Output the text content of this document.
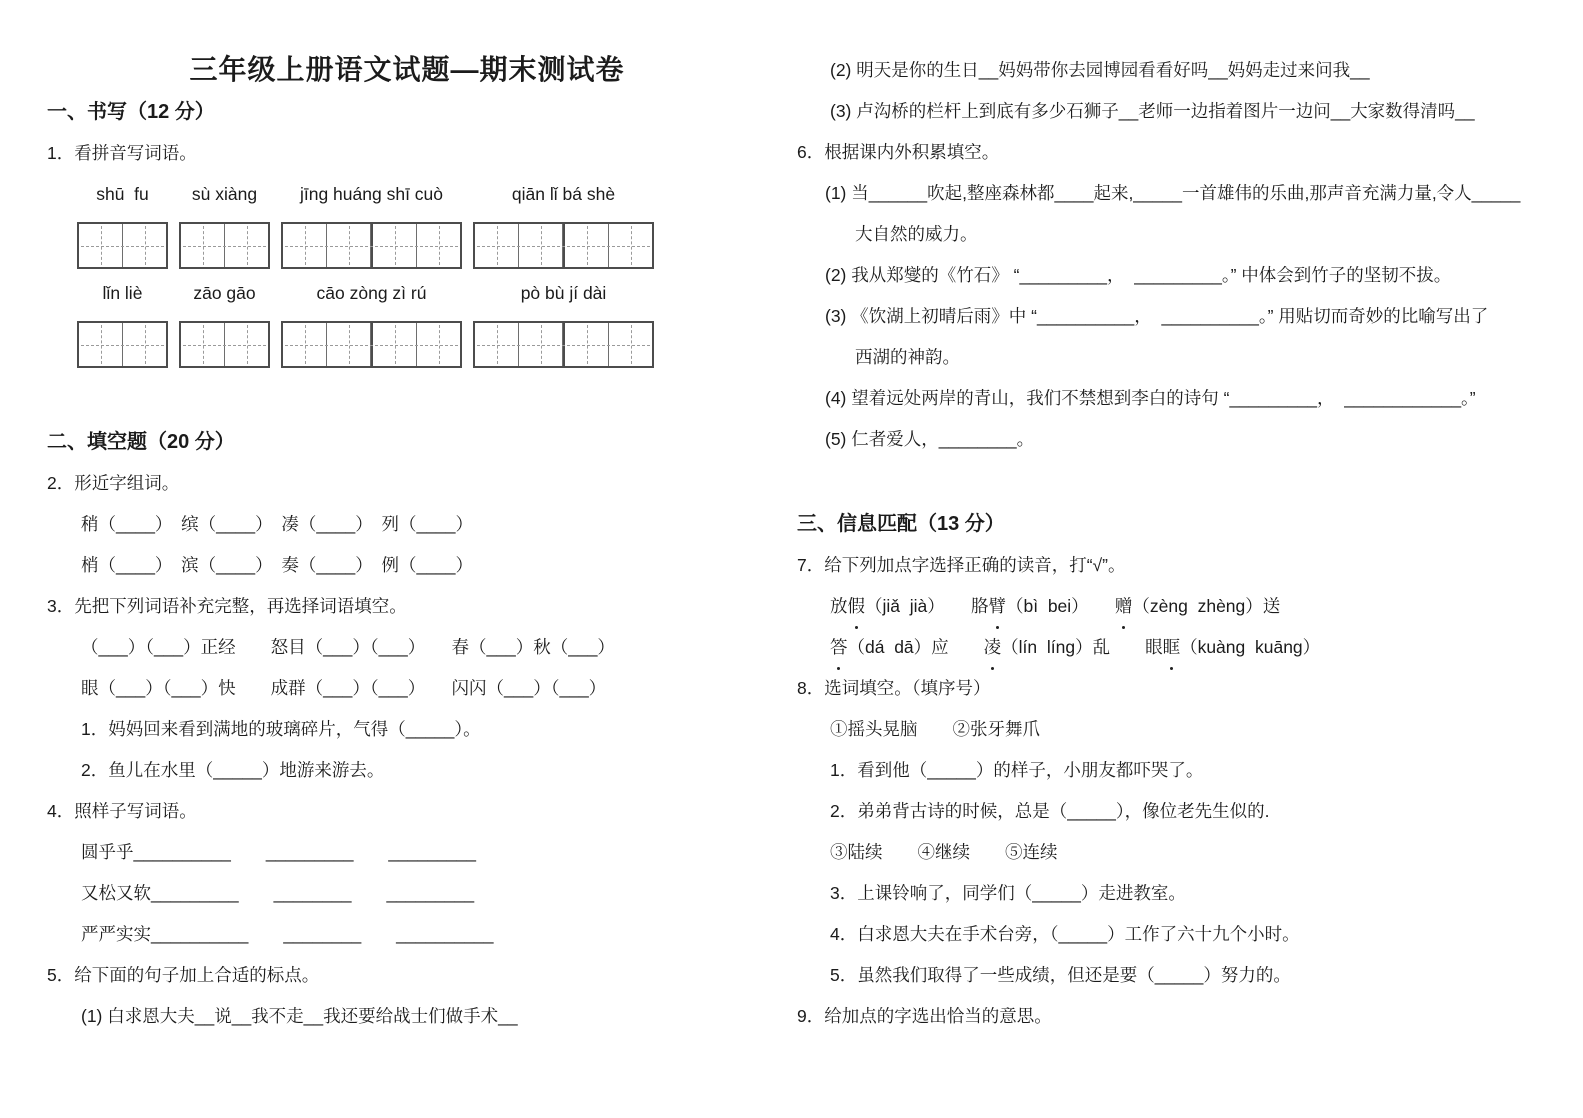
三年级上册语文试题—期末测试卷
一、书写（12 分）
1．看拼音写词语。
shū  fu	sù xiàng	jīng huáng shī cuò	qiān lǐ bá shè
lǐn liè	zāo gāo	cāo zòng zì rú	pò bù jí dài
二、填空题（20 分）
2．形近字组词。
稍（____）　缤（____）　凑（____）　列（____）
梢（____）　滨（____）　奏（____）　例（____）
3．先把下列词语补充完整，再选择词语填空。
（___）（___）正经　　怒目（___）（___）　　春（___）秋（___）
眼（___）（___）快　　成群（___）（___）　　闪闪（___）（___）
1．妈妈回来看到满地的玻璃碎片，气得（_____）。
2．鱼儿在水里（_____）地游来游去。
4．照样子写词语。
圆乎乎__________　　_________　　_________
又松又软_________　　________　　_________
严严实实__________　　________　　__________
5．给下面的句子加上合适的标点。
(1) 白求恩大夫__说__我不走__我还要给战士们做手术__
(2) 明天是你的生日__妈妈带你去园博园看看好吗__妈妈走过来问我__
(3) 卢沟桥的栏杆上到底有多少石狮子__老师一边指着图片一边问__大家数得清吗__
6．根据课内外积累填空。
(1) 当______吹起,整座森林都____起来,_____一首雄伟的乐曲,那声音充满力量,令人_____
大自然的威力。
(2) 我从郑燮的《竹石》 “_________，  _________。” 中体会到竹子的坚韧不拔。
(3) 《饮湖上初晴后雨》中 “__________，  __________。” 用贴切而奇妙的比喻写出了
西湖的神韵。
(4) 望着远处两岸的青山，我们不禁想到李白的诗句 “_________，  ____________。”
(5) 仁者爱人，________。
三、信息匹配（13 分）
7．给下列加点字选择正确的读音，打“√”。
放假（jiǎ  jià）　　胳臂（bì  bei）　　赠（zèng  zhèng）送
答（dá  dā）应　　凌（lín  líng）乱　　眼眶（kuàng  kuāng）
8．选词填空。（填序号）
①摇头晃脑　　②张牙舞爪
1．看到他（_____）的样子，小朋友都吓哭了。
2．弟弟背古诗的时候，总是（_____），像位老先生似的.
③陆续　　④继续　　⑤连续
3．上课铃响了，同学们（_____）走进教室。
4．白求恩大夫在手术台旁，（_____）工作了六十九个小时。
5．虽然我们取得了一些成绩，但还是要（_____）努力的。
9．给加点的字选出恰当的意思。
